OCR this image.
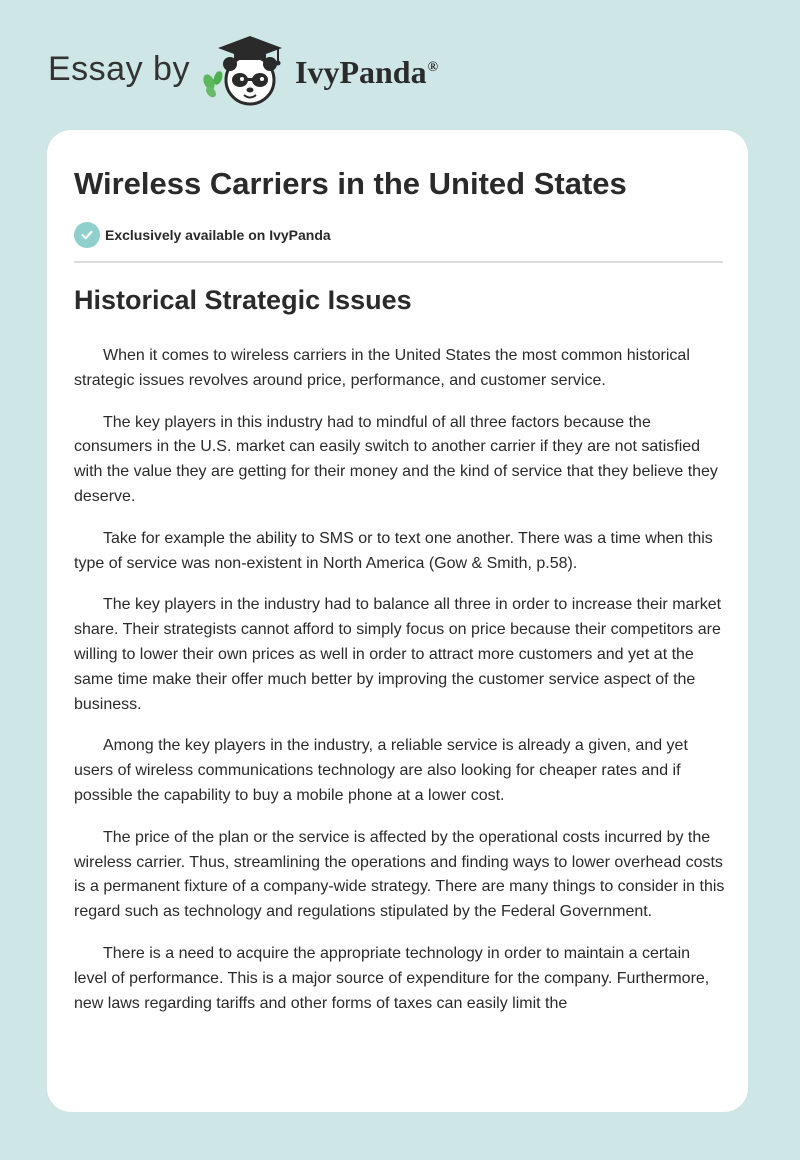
Essay by	IvyPanda®
Wireless Carriers in the United States
Exclusively available on IvyPanda
Historical Strategic Issues

When it comes to wireless carriers in the United States the most common historical strategic issues revolves around price, performance, and customer service.

The key players in this industry had to mindful of all three factors because the consumers in the U.S. market can easily switch to another carrier if they are not satisfied with the value they are getting for their money and the kind of service that they believe they deserve.

Take for example the ability to SMS or to text one another. There was a time when this type of service was non-existent in North America (Gow & Smith, p.58).

The key players in the industry had to balance all three in order to increase their market share. Their strategists cannot afford to simply focus on price because their competitors are willing to lower their own prices as well in order to attract more customers and yet at the same time make their offer much better by improving the customer service aspect of the business.

Among the key players in the industry, a reliable service is already a given, and yet users of wireless communications technology are also looking for cheaper rates and if possible the capability to buy a mobile phone at a lower cost.

The price of the plan or the service is affected by the operational costs incurred by the wireless carrier. Thus, streamlining the operations and finding ways to lower overhead costs is a permanent fixture of a company-wide strategy. There are many things to consider in this regard such as technology and regulations stipulated by the Federal Government.

There is a need to acquire the appropriate technology in order to maintain a certain level of performance. This is a major source of expenditure for the company. Furthermore, new laws regarding tariffs and other forms of taxes can easily limit the
